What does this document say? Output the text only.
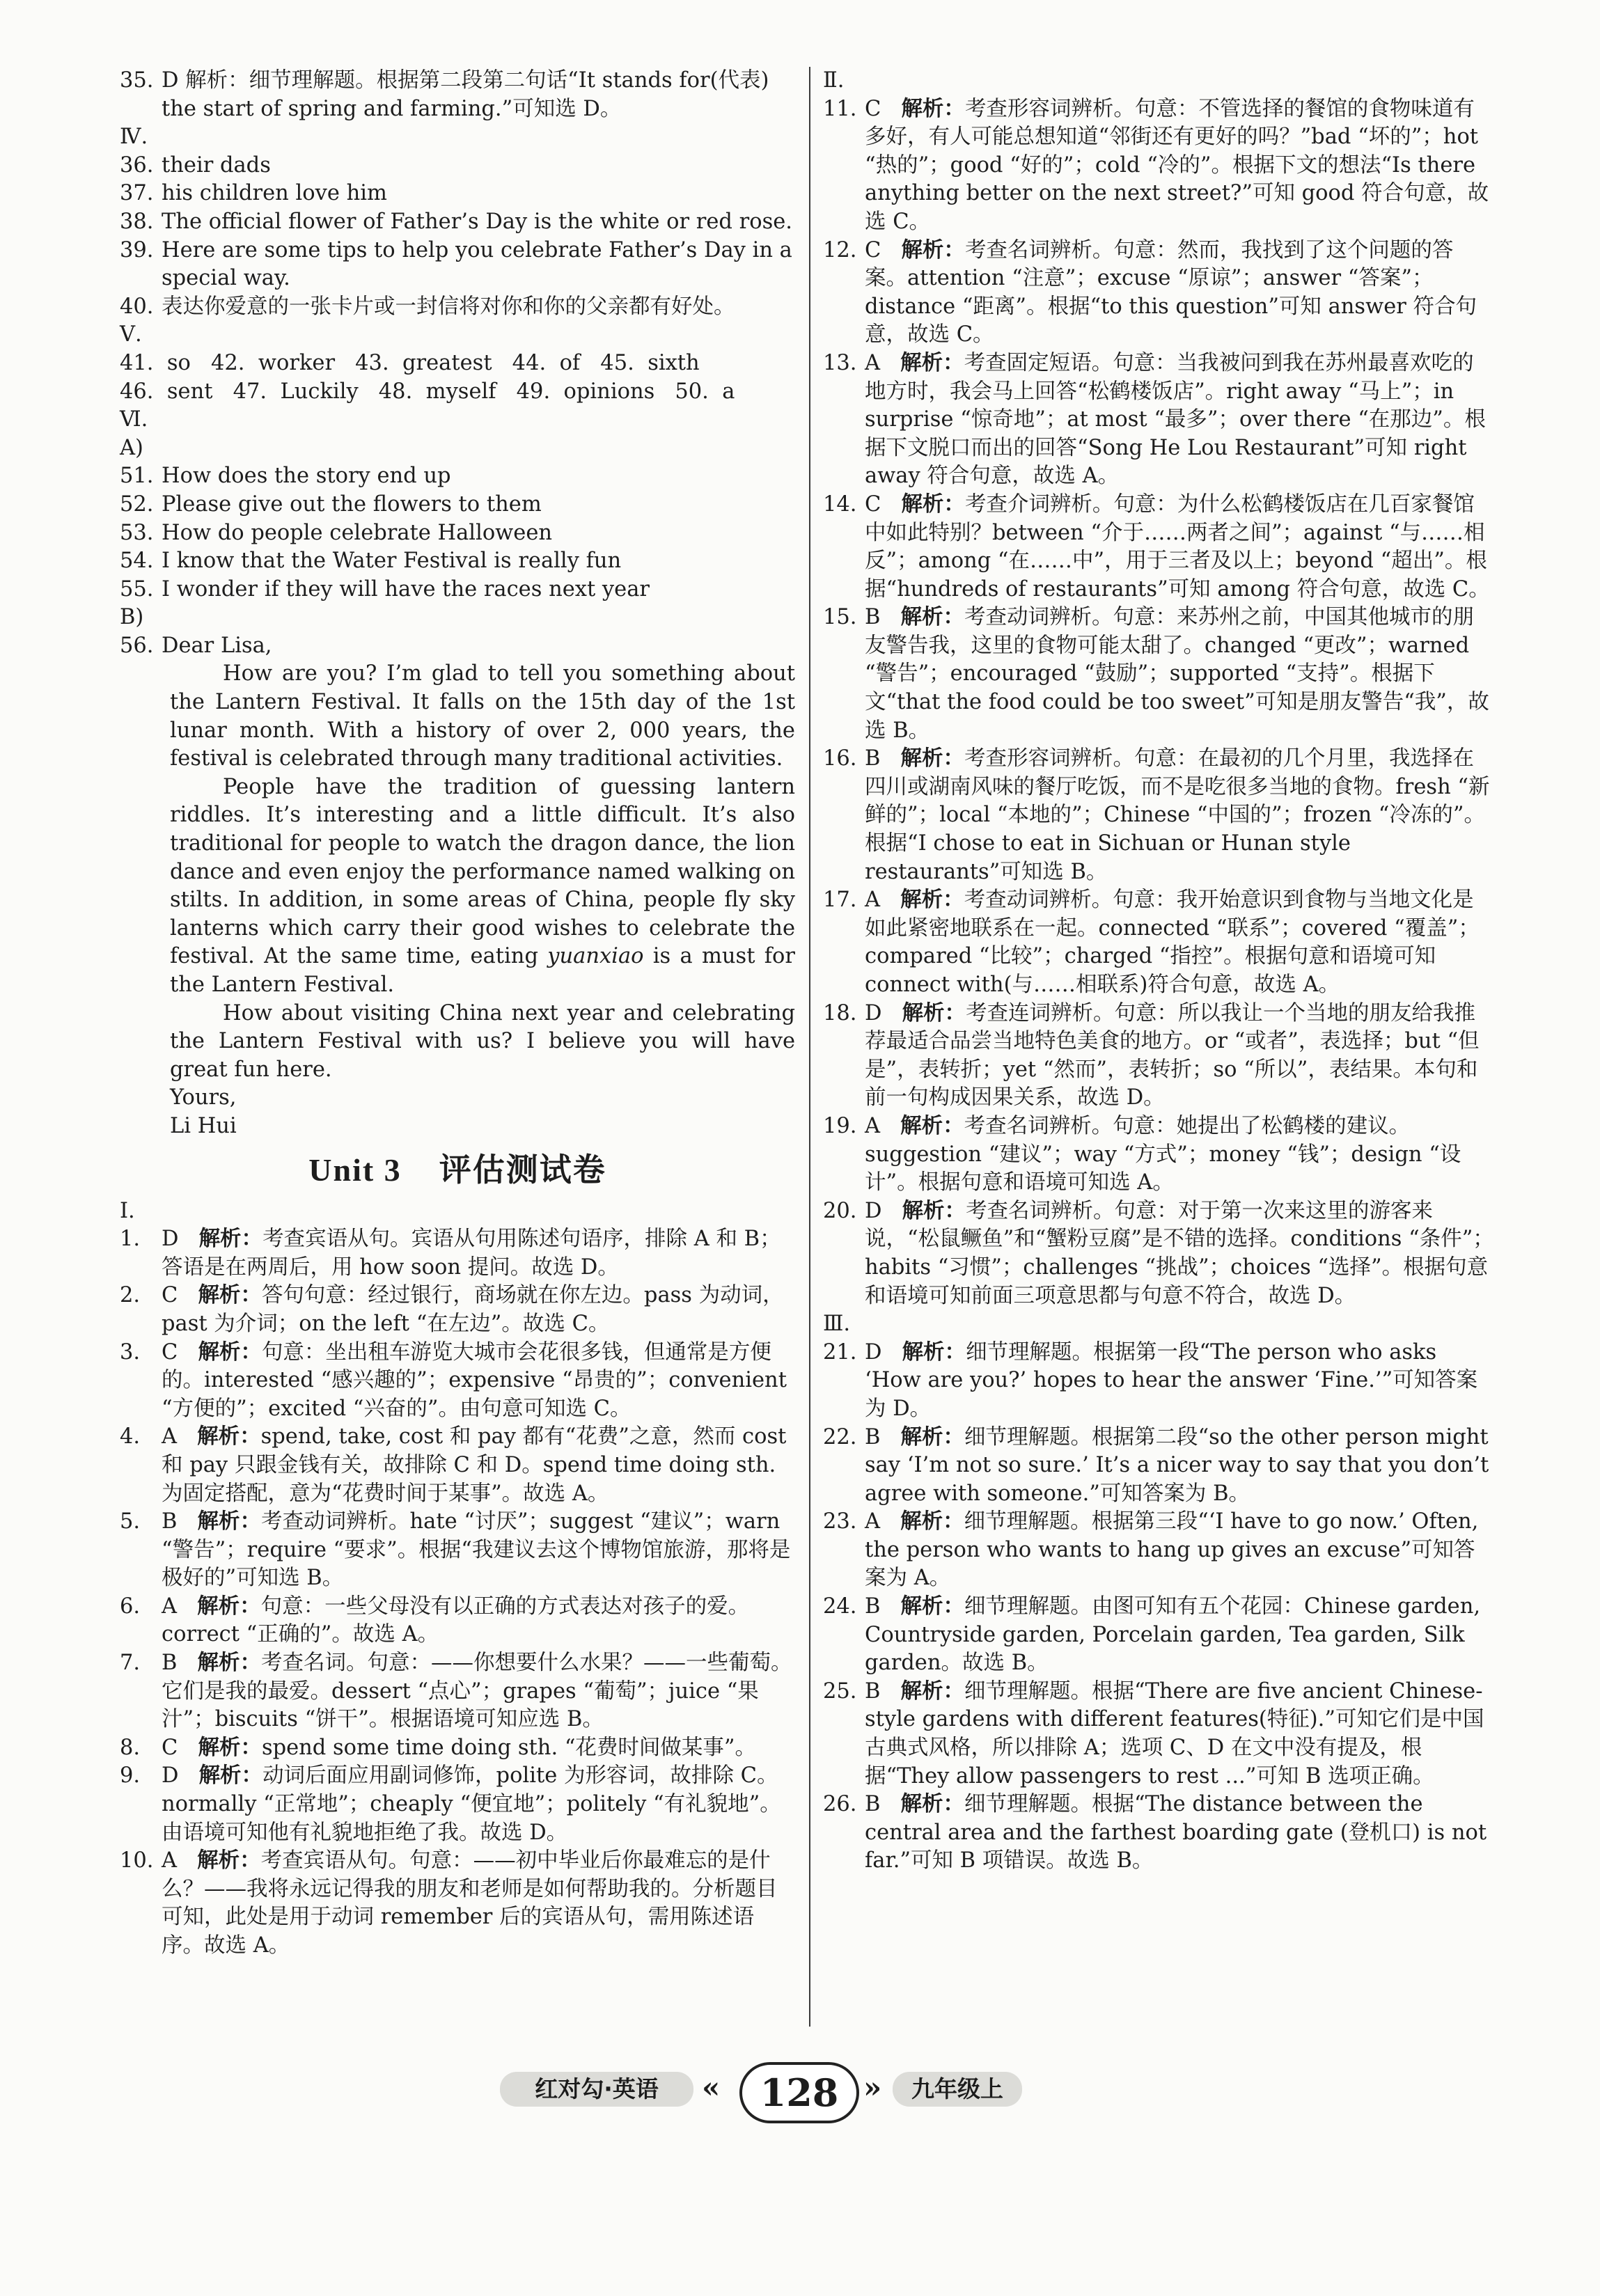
35. D 解析：细节理解题。根据第二段第二句话“It stands for(代表) the start of spring and farming.”可知选 D。
Ⅳ.
36. their dads
37. his children love him
38. The official flower of Father’s Day is the white or red rose.
39. Here are some tips to help you celebrate Father’s Day in a special way.
40. 表达你爱意的一张卡片或一封信将对你和你的父亲都有好处。
Ⅴ.
41.  so   42.  worker   43.  greatest   44.  of   45.  sixth
46.  sent   47.  Luckily   48.  myself   49.  opinions   50.  a
Ⅵ.
A)
51. How does the story end up
52. Please give out the flowers to them
53. How do people celebrate Halloween
54. I know that the Water Festival is really fun
55. I wonder if they will have the races next year
B)
56. Dear Lisa,

How are you? I’m glad to tell you something about the Lantern Festival. It falls on the 15th day of the 1st lunar month. With a history of over 2, 000 years, the festival is celebrated through many traditional activities.

People have the tradition of guessing lantern riddles. It’s interesting and a little difficult. It’s also traditional for people to watch the dragon dance, the lion dance and even enjoy the performance named walking on stilts. In addition, in some areas of China, people fly sky lanterns which carry their good wishes to celebrate the festival. At the same time, eating yuanxiao is a must for the Lantern Festival.

How about visiting China next year and celebrating the Lantern Festival with us? I believe you will have great fun here.

Yours,
Li Hui
Unit 3 评估测试卷
Ⅰ.
1. D 解析：考查宾语从句。宾语从句用陈述句语序，排除 A 和 B；答语是在两周后，用 how soon 提问。故选 D。
2. C 解析：答句句意：经过银行，商场就在你左边。pass 为动词，past 为介词；on the left “在左边”。故选 C。
3. C 解析：句意：坐出租车游览大城市会花很多钱，但通常是方便的。interested “感兴趣的”；expensive “昂贵的”；convenient “方便的”；excited “兴奋的”。由句意可知选 C。
4. A 解析：spend, take, cost 和 pay 都有“花费”之意，然而 cost 和 pay 只跟金钱有关，故排除 C 和 D。spend time doing sth. 为固定搭配，意为“花费时间于某事”。故选 A。
5. B 解析：考查动词辨析。hate “讨厌”；suggest “建议”；warn “警告”；require “要求”。根据“我建议去这个博物馆旅游，那将是极好的”可知选 B。
6. A 解析：句意：一些父母没有以正确的方式表达对孩子的爱。correct “正确的”。故选 A。
7. B 解析：考查名词。句意：——你想要什么水果？——一些葡萄。它们是我的最爱。dessert “点心”；grapes “葡萄”；juice “果汁”；biscuits “饼干”。根据语境可知应选 B。
8. C 解析：spend some time doing sth. “花费时间做某事”。
9. D 解析：动词后面应用副词修饰，polite 为形容词，故排除 C。normally “正常地”；cheaply “便宜地”；politely “有礼貌地”。由语境可知他有礼貌地拒绝了我。故选 D。
10. A 解析：考查宾语从句。句意：——初中毕业后你最难忘的是什么？——我将永远记得我的朋友和老师是如何帮助我的。分析题目可知，此处是用于动词 remember 后的宾语从句，需用陈述语序。故选 A。
Ⅱ.
11. C 解析：考查形容词辨析。句意：不管选择的餐馆的食物味道有多好，有人可能总想知道“邻街还有更好的吗？”bad “坏的”；hot “热的”；good “好的”；cold “冷的”。根据下文的想法“Is there anything better on the next street?”可知 good 符合句意，故选 C。
12. C 解析：考查名词辨析。句意：然而，我找到了这个问题的答案。attention “注意”；excuse “原谅”；answer “答案”；distance “距离”。根据“to this question”可知 answer 符合句意，故选 C。
13. A 解析：考查固定短语。句意：当我被问到我在苏州最喜欢吃的地方时，我会马上回答“松鹤楼饭店”。right away “马上”；in surprise “惊奇地”；at most “最多”；over there “在那边”。根据下文脱口而出的回答“Song He Lou Restaurant”可知 right away 符合句意，故选 A。
14. C 解析：考查介词辨析。句意：为什么松鹤楼饭店在几百家餐馆中如此特别？between “介于……两者之间”；against “与……相反”；among “在……中”，用于三者及以上；beyond “超出”。根据“hundreds of restaurants”可知 among 符合句意，故选 C。
15. B 解析：考查动词辨析。句意：来苏州之前，中国其他城市的朋友警告我，这里的食物可能太甜了。changed “更改”；warned “警告”；encouraged “鼓励”；supported “支持”。根据下文“that the food could be too sweet”可知是朋友警告“我”，故选 B。
16. B 解析：考查形容词辨析。句意：在最初的几个月里，我选择在四川或湖南风味的餐厅吃饭，而不是吃很多当地的食物。fresh “新鲜的”；local “本地的”；Chinese “中国的”；frozen “冷冻的”。根据“I chose to eat in Sichuan or Hunan style restaurants”可知选 B。
17. A 解析：考查动词辨析。句意：我开始意识到食物与当地文化是如此紧密地联系在一起。connected “联系”；covered “覆盖”；compared “比较”；charged “指控”。根据句意和语境可知 connect with(与……相联系)符合句意，故选 A。
18. D 解析：考查连词辨析。句意：所以我让一个当地的朋友给我推荐最适合品尝当地特色美食的地方。or “或者”，表选择；but “但是”，表转折；yet “然而”，表转折；so “所以”，表结果。本句和前一句构成因果关系，故选 D。
19. A 解析：考查名词辨析。句意：她提出了松鹤楼的建议。suggestion “建议”；way “方式”；money “钱”；design “设计”。根据句意和语境可知选 A。
20. D 解析：考查名词辨析。句意：对于第一次来这里的游客来说，“松鼠鳜鱼”和“蟹粉豆腐”是不错的选择。conditions “条件”；habits “习惯”；challenges “挑战”；choices “选择”。根据句意和语境可知前面三项意思都与句意不符合，故选 D。
Ⅲ.
21. D 解析：细节理解题。根据第一段“The person who asks ‘How are you?’ hopes to hear the answer ‘Fine.’”可知答案为 D。
22. B 解析：细节理解题。根据第二段“so the other person might say ‘I’m not so sure.’ It’s a nicer way to say that you don’t agree with someone.”可知答案为 B。
23. A 解析：细节理解题。根据第三段“‘I have to go now.’ Often, the person who wants to hang up gives an excuse”可知答案为 A。
24. B 解析：细节理解题。由图可知有五个花园：Chinese garden, Countryside garden, Porcelain garden, Tea garden, Silk garden。故选 B。
25. B 解析：细节理解题。根据“There are five ancient Chinese-style gardens with different features(特征).”可知它们是中国古典式风格，所以排除 A；选项 C、D 在文中没有提及，根据“They allow passengers to rest ...”可知 B 选项正确。
26. B 解析：细节理解题。根据“The distance between the central area and the farthest boarding gate (登机口) is not far.”可知 B 项错误。故选 B。
红对勾·英语	«	128 »	九年级上
